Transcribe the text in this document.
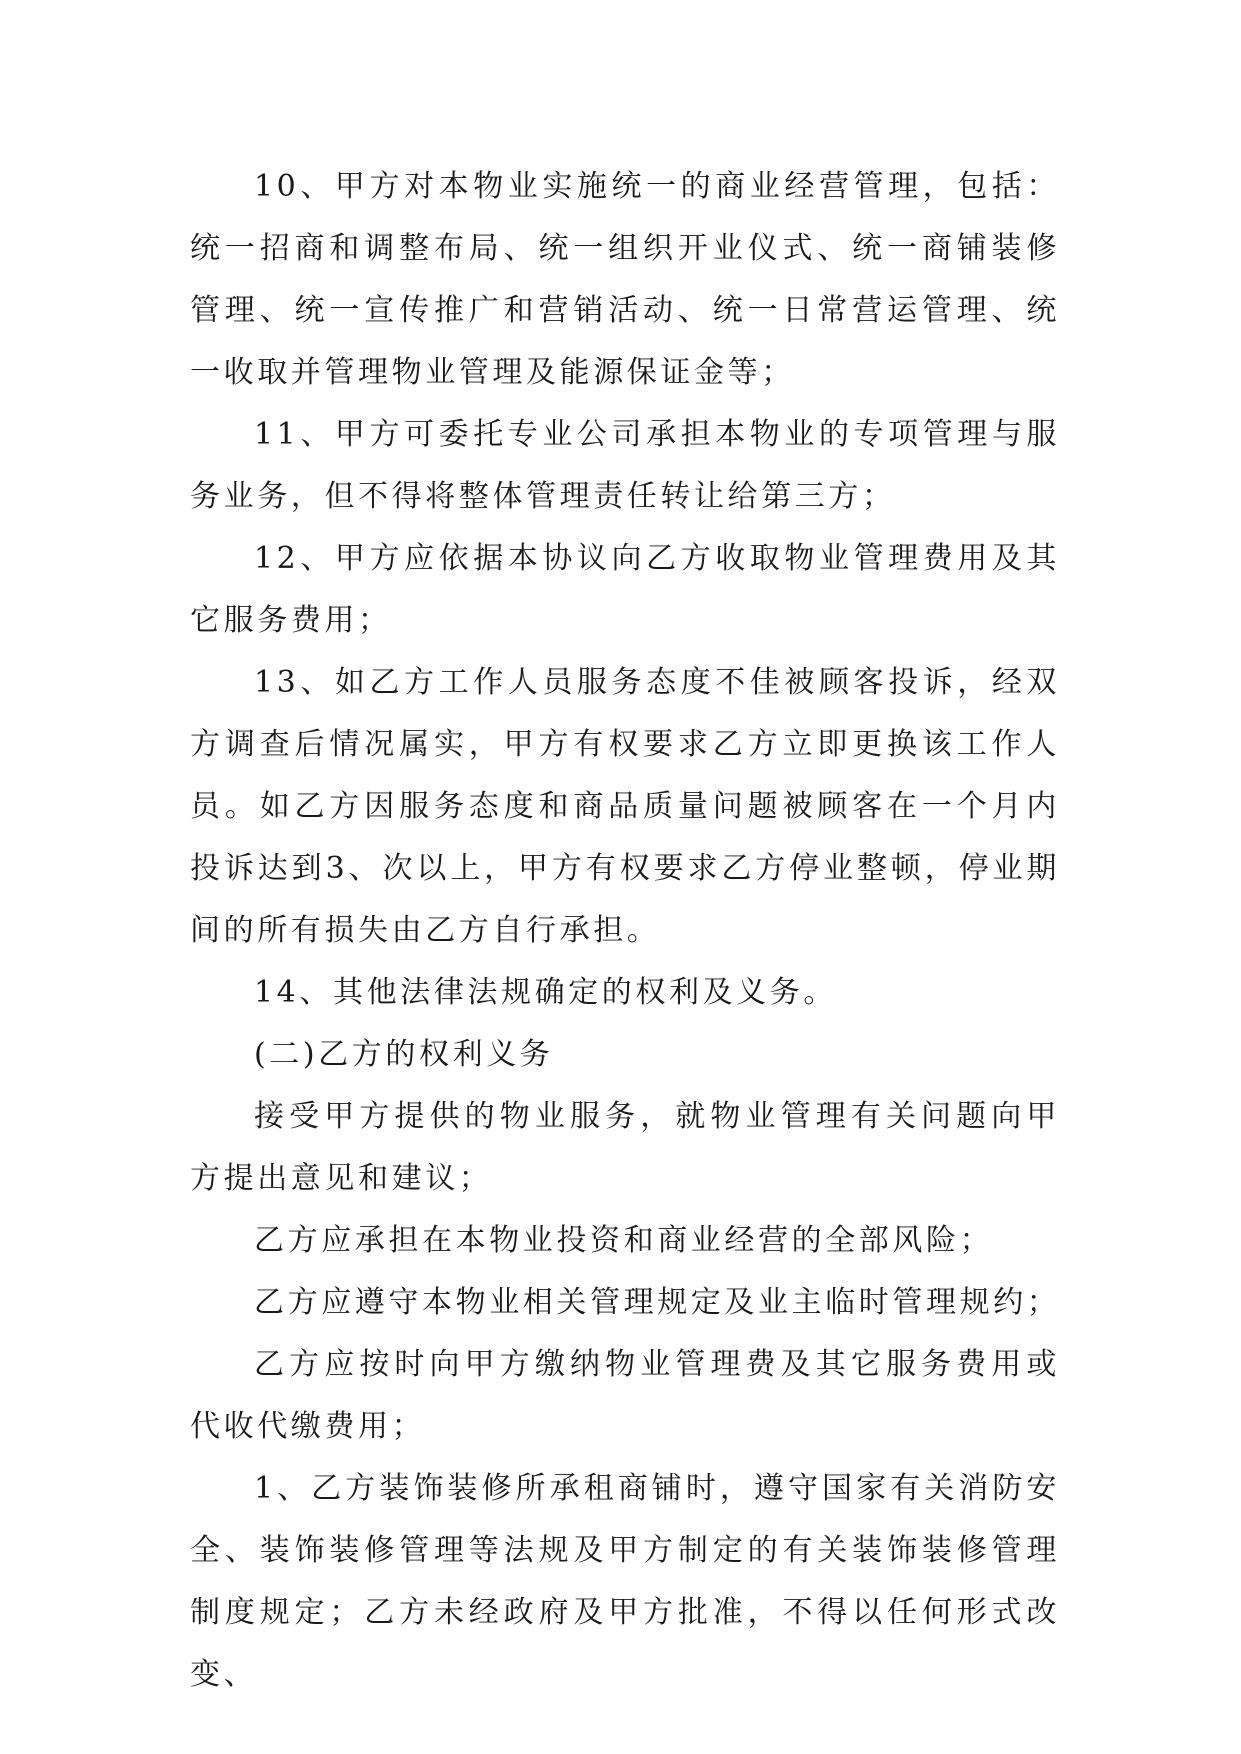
10、甲方对本物业实施统一的商业经营管理，包括：统一招商和调整布局、统一组织开业仪式、统一商铺装修管理、统一宣传推广和营销活动、统一日常营运管理、统一收取并管理物业管理及能源保证金等；

11、甲方可委托专业公司承担本物业的专项管理与服务业务，但不得将整体管理责任转让给第三方；

12、甲方应依据本协议向乙方收取物业管理费用及其它服务费用；

13、如乙方工作人员服务态度不佳被顾客投诉，经双方调查后情况属实，甲方有权要求乙方立即更换该工作人员。如乙方因服务态度和商品质量问题被顾客在一个月内投诉达到3、次以上，甲方有权要求乙方停业整顿，停业期间的所有损失由乙方自行承担。

14、其他法律法规确定的权利及义务。

(二)乙方的权利义务

接受甲方提供的物业服务，就物业管理有关问题向甲方提出意见和建议；

乙方应承担在本物业投资和商业经营的全部风险；

乙方应遵守本物业相关管理规定及业主临时管理规约；

乙方应按时向甲方缴纳物业管理费及其它服务费用或代收代缴费用；

1、乙方装饰装修所承租商铺时，遵守国家有关消防安全、装饰装修管理等法规及甲方制定的有关装饰装修管理制度规定；乙方未经政府及甲方批准，不得以任何形式改变、
